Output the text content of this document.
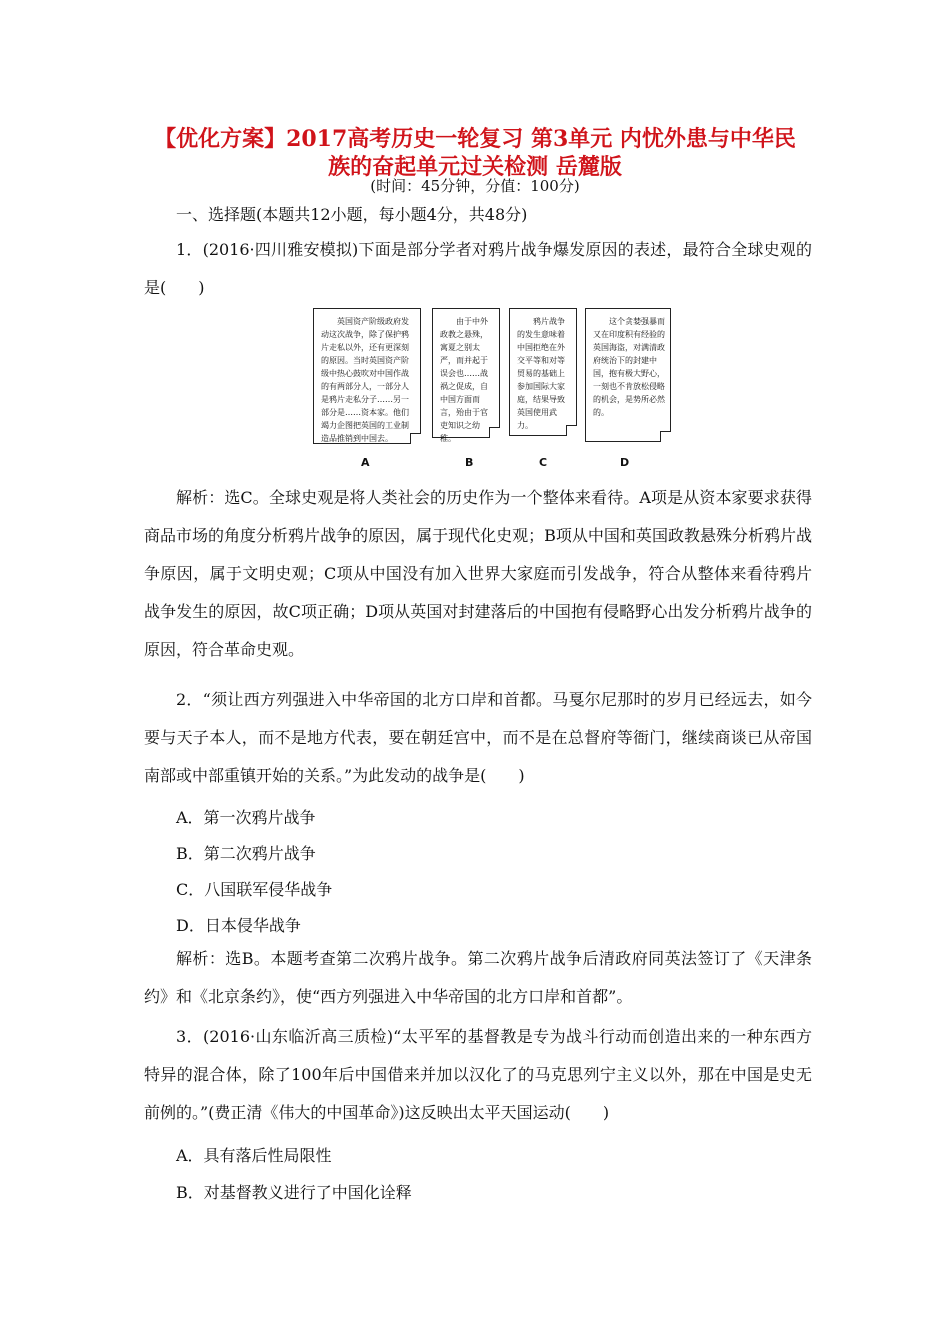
【优化方案】2017高考历史一轮复习 第3单元 内忧外患与中华民
族的奋起单元过关检测 岳麓版
(时间：45分钟，分值：100分)

一、选择题(本题共12小题，每小题4分，共48分)

1．(2016·四川雅安模拟)下面是部分学者对鸦片战争爆发原因的表述，最符合全球史观的是(　　)

英国资产阶级政府发动这次战争，除了保护鸦片走私以外，还有更深刻的原因。当时英国资产阶级中热心鼓吹对中国作战的有两部分人，一部分人是鸦片走私分子……另一部分是……资本家。他们竭力企图把英国的工业制造品推销到中国去。
由于中外政教之悬殊，寓夏之别太严，而并起于误会也……战祸之促成，自中国方面而言，殆由于官吏知识之幼稚。
鸦片战争的发生意味着中国拒绝在外交平等和对等贸易的基础上参加国际大家庭，结果导致英国使用武力。
这个贪婪强暴而又在印度积有经验的英国海盗，对满清政府统治下的封建中国，抱有极大野心，一刻也不肯放松侵略的机会，是势所必然的。
A	B	C	D

解析：选C。全球史观是将人类社会的历史作为一个整体来看待。A项是从资本家要求获得商品市场的角度分析鸦片战争的原因，属于现代化史观；B项从中国和英国政教悬殊分析鸦片战争原因，属于文明史观；C项从中国没有加入世界大家庭而引发战争，符合从整体来看待鸦片战争发生的原因，故C项正确；D项从英国对封建落后的中国抱有侵略野心出发分析鸦片战争的原因，符合革命史观。

2．“须让西方列强进入中华帝国的北方口岸和首都。马戛尔尼那时的岁月已经远去，如今要与天子本人，而不是地方代表，要在朝廷宫中，而不是在总督府等衙门，继续商谈已从帝国南部或中部重镇开始的关系。”为此发动的战争是(　　)

A．第一次鸦片战争
B．第二次鸦片战争
C．八国联军侵华战争
D．日本侵华战争

解析：选B。本题考查第二次鸦片战争。第二次鸦片战争后清政府同英法签订了《天津条约》和《北京条约》，使“西方列强进入中华帝国的北方口岸和首都”。

3．(2016·山东临沂高三质检)“太平军的基督教是专为战斗行动而创造出来的一种东西方特异的混合体，除了100年后中国借来并加以汉化了的马克思列宁主义以外，那在中国是史无前例的。”(费正清《伟大的中国革命》)这反映出太平天国运动(　　)

A．具有落后性局限性
B．对基督教义进行了中国化诠释
